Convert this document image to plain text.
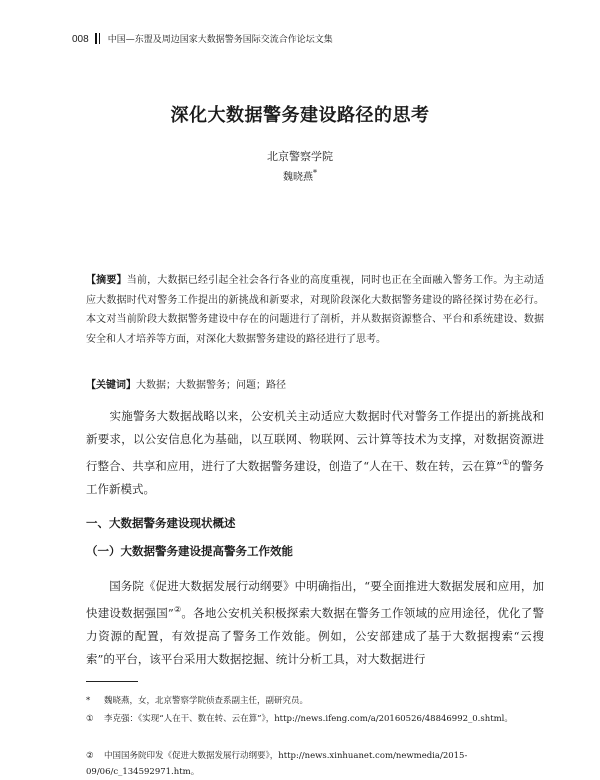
008 中国—东盟及周边国家大数据警务国际交流合作论坛文集
深化大数据警务建设路径的思考
北京警察学院
魏晓燕*
【摘要】当前，大数据已经引起全社会各行各业的高度重视，同时也正在全面融入警务工作。为主动适应大数据时代对警务工作提出的新挑战和新要求，对现阶段深化大数据警务建设的路径探讨势在必行。本文对当前阶段大数据警务建设中存在的问题进行了剖析，并从数据资源整合、平台和系统建设、数据安全和人才培养等方面，对深化大数据警务建设的路径进行了思考。
【关键词】大数据；大数据警务；问题；路径
　　实施警务大数据战略以来，公安机关主动适应大数据时代对警务工作提出的新挑战和新要求，以公安信息化为基础，以互联网、物联网、云计算等技术为支撑，对数据资源进行整合、共享和应用，进行了大数据警务建设，创造了“人在干、数在转，云在算”①的警务工作新模式。
一、大数据警务建设现状概述
（一）大数据警务建设提高警务工作效能
　　国务院《促进大数据发展行动纲要》中明确指出，“要全面推进大数据发展和应用，加快建设数据强国”②。各地公安机关积极探索大数据在警务工作领域的应用途径，优化了警力资源的配置，有效提高了警务工作效能。例如，公安部建成了基于大数据搜索“云搜索”的平台，该平台采用大数据挖掘、统计分析工具，对大数据进行
* 魏晓燕，女，北京警察学院侦查系副主任，副研究员。
① 李克强：《实现“人在干、数在转、云在算”》，http://news.ifeng.com/a/20160526/48846992_0.shtml。
② 中国国务院印发《促进大数据发展行动纲要》，http://news.xinhuanet.com/newmedia/2015-09/06/c_134592971.htm。
